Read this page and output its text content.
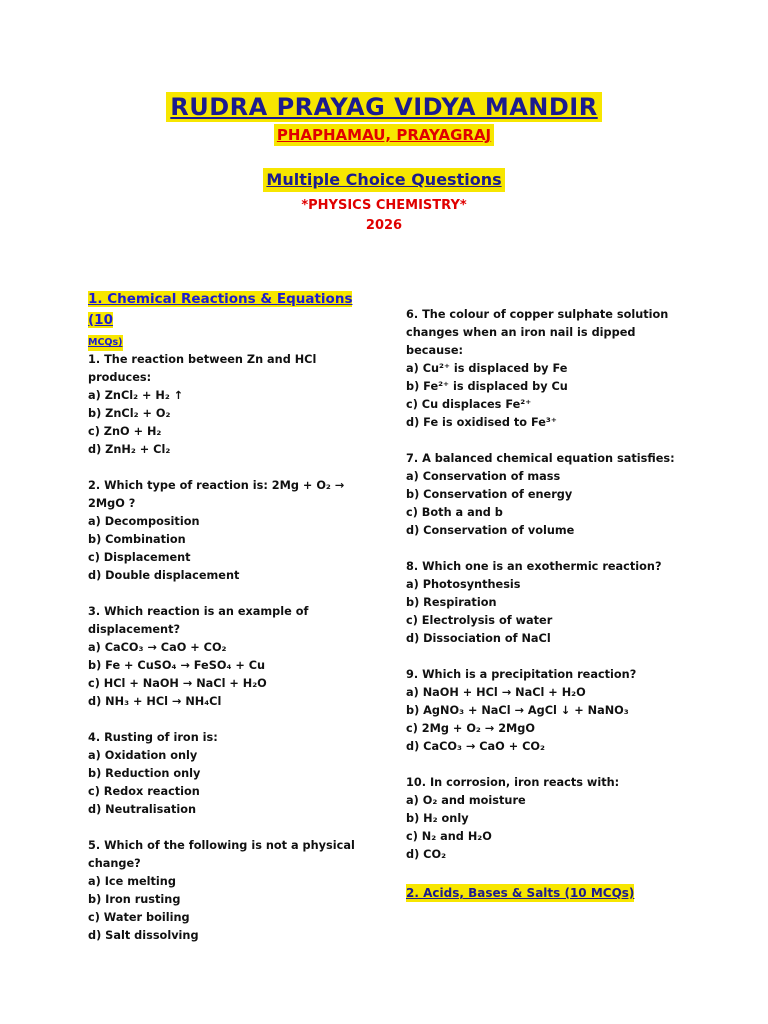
RUDRA PRAYAG VIDYA MANDIR
PHAPHAMAU, PRAYAGRAJ
Multiple Choice Questions
*PHYSICS CHEMISTRY*
2026
1. Chemical Reactions & Equations (10
MCQs)
1. The reaction between Zn and HCl
produces:
a) ZnCl₂ + H₂ ↑
b) ZnCl₂ + O₂
c) ZnO + H₂
d) ZnH₂ + Cl₂
2. Which type of reaction is: 2Mg + O₂ →
2MgO ?
a) Decomposition
b) Combination
c) Displacement
d) Double displacement
3. Which reaction is an example of
displacement?
a) CaCO₃ → CaO + CO₂
b) Fe + CuSO₄ → FeSO₄ + Cu
c) HCl + NaOH → NaCl + H₂O
d) NH₃ + HCl → NH₄Cl
4. Rusting of iron is:
a) Oxidation only
b) Reduction only
c) Redox reaction
d) Neutralisation
5. Which of the following is not a physical
change?
a) Ice melting
b) Iron rusting
c) Water boiling
d) Salt dissolving
6. The colour of copper sulphate solution
changes when an iron nail is dipped
because:
a) Cu²⁺ is displaced by Fe
b) Fe²⁺ is displaced by Cu
c) Cu displaces Fe²⁺
d) Fe is oxidised to Fe³⁺
7. A balanced chemical equation satisfies:
a) Conservation of mass
b) Conservation of energy
c) Both a and b
d) Conservation of volume
8. Which one is an exothermic reaction?
a) Photosynthesis
b) Respiration
c) Electrolysis of water
d) Dissociation of NaCl
9. Which is a precipitation reaction?
a) NaOH + HCl → NaCl + H₂O
b) AgNO₃ + NaCl → AgCl ↓ + NaNO₃
c) 2Mg + O₂ → 2MgO
d) CaCO₃ → CaO + CO₂
10. In corrosion, iron reacts with:
a) O₂ and moisture
b) H₂ only
c) N₂ and H₂O
d) CO₂
2. Acids, Bases & Salts (10 MCQs)
